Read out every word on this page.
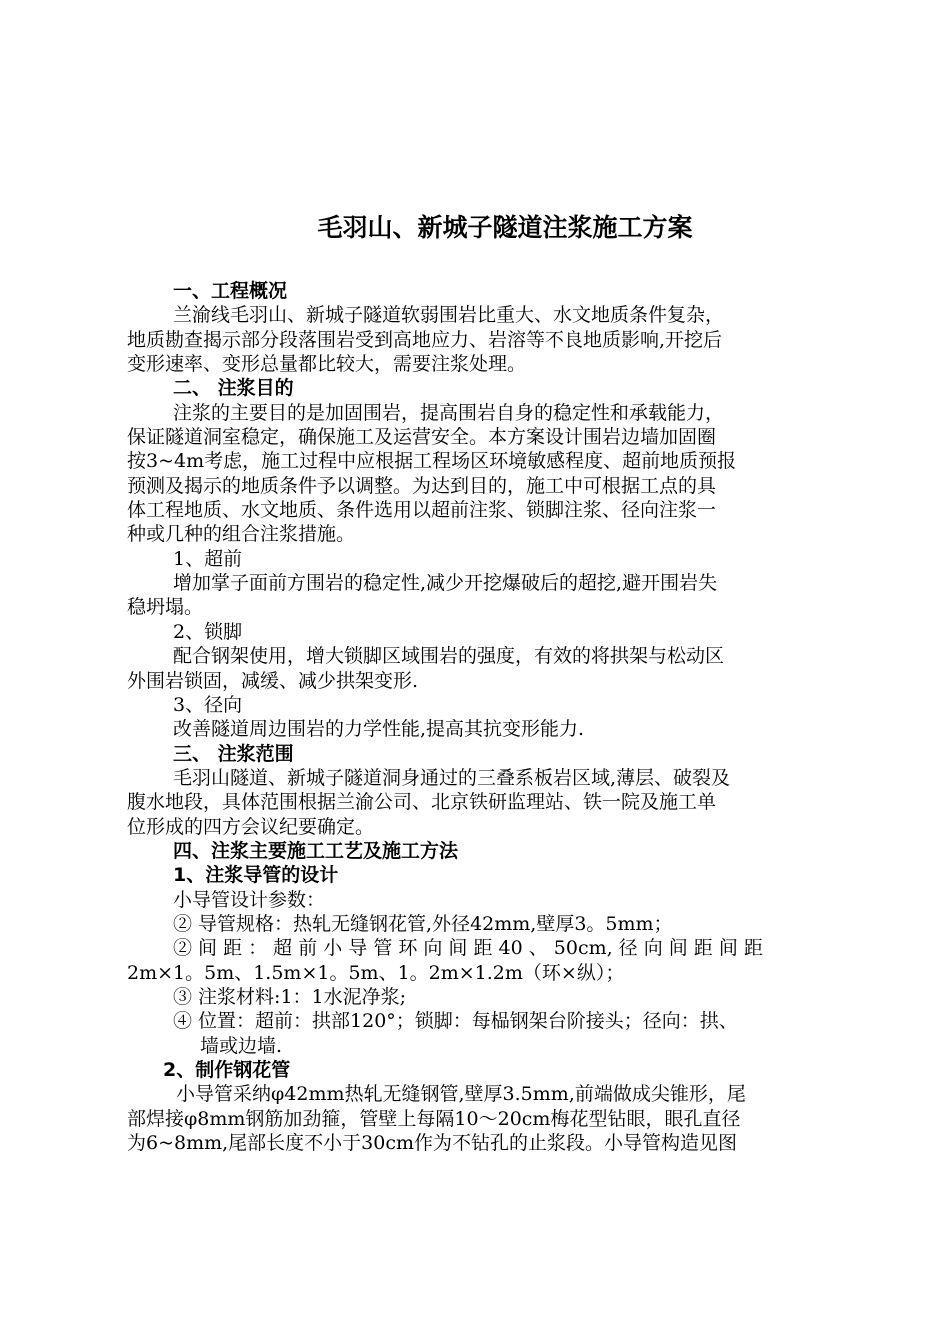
毛羽山、新城子隧道注浆施工方案
一、工程概况
兰渝线毛羽山、新城子隧道软弱围岩比重大、水文地质条件复杂，
地质勘查揭示部分段落围岩受到高地应力、岩溶等不良地质影响,开挖后
变形速率、变形总量都比较大，需要注浆处理。
二、 注浆目的
注浆的主要目的是加固围岩，提高围岩自身的稳定性和承载能力，
保证隧道洞室稳定，确保施工及运营安全。本方案设计围岩边墙加固圈
按3~4m考虑，施工过程中应根据工程场区环境敏感程度、超前地质预报
预测及揭示的地质条件予以调整。为达到目的，施工中可根据工点的具
体工程地质、水文地质、条件选用以超前注浆、锁脚注浆、径向注浆一
种或几种的组合注浆措施。
1、超前
增加掌子面前方围岩的稳定性,减少开挖爆破后的超挖,避开围岩失
稳坍塌。
2、锁脚
配合钢架使用，增大锁脚区域围岩的强度，有效的将拱架与松动区
外围岩锁固，减缓、减少拱架变形.
3、径向
改善隧道周边围岩的力学性能,提高其抗变形能力.
三、 注浆范围
毛羽山隧道、新城子隧道洞身通过的三叠系板岩区域,薄层、破裂及
腹水地段，具体范围根据兰渝公司、北京铁研监理站、铁一院及施工单
位形成的四方会议纪要确定。
四、注浆主要施工工艺及施工方法
1、注浆导管的设计
小导管设计参数：
② 导管规格：热轧无缝钢花管,外径42mm,壁厚3。5mm；
② 间 距 ： 超 前 小 导 管 环 向 间 距 40 、 50cm, 径 向 间 距 间 距
2m×1。5m、1.5m×1。5m、1。2m×1.2m（环×纵）；
③ 注浆材料:1：1水泥净浆;
④ 位置：超前：拱部120°；锁脚：每榀钢架台阶接头；径向：拱、
墙或边墙.
2、制作钢花管
小导管采纳φ42mm热轧无缝钢管,壁厚3.5mm,前端做成尖锥形，尾
部焊接φ8mm钢筋加劲箍，管壁上每隔10～20cm梅花型钻眼，眼孔直径
为6~8mm,尾部长度不小于30cm作为不钻孔的止浆段。小导管构造见图
